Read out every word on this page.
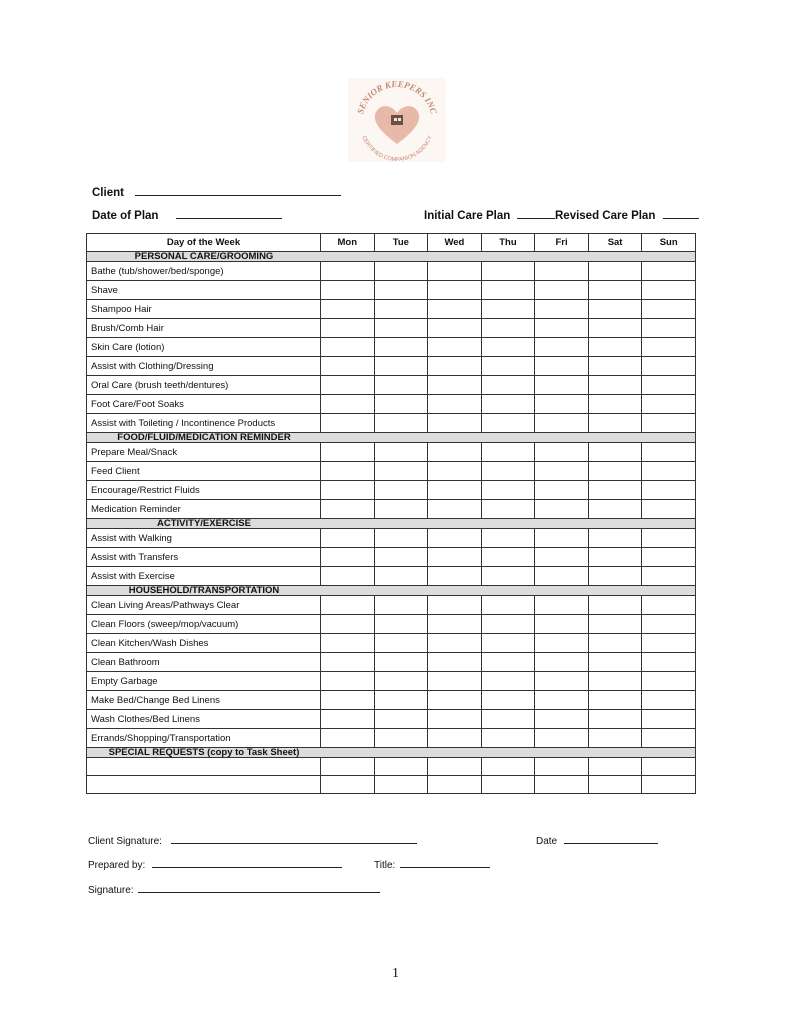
SENIOR KEEPERS INC
CERTIFIED COMPANION AGENCY
Client
Date of Plan	Initial Care Plan	Revised Care Plan
Day of the Week	Mon	Tue	Wed	Thu	Fri	Sat	Sun

PERSONAL CARE/GROOMING							

Bathe (tub/shower/bed/sponge)							
Shave							
Shampoo Hair							
Brush/Comb Hair							
Skin Care (lotion)							
Assist with Clothing/Dressing							
Oral Care (brush teeth/dentures)							
Foot Care/Foot Soaks							
Assist with Toileting / Incontinence Products							

FOOD/FLUID/MEDICATION REMINDER							

Prepare Meal/Snack							
Feed Client							
Encourage/Restrict Fluids							
Medication Reminder							

ACTIVITY/EXERCISE							

Assist with Walking							
Assist with Transfers							
Assist with Exercise							

HOUSEHOLD/TRANSPORTATION							

Clean Living Areas/Pathways Clear							
Clean Floors (sweep/mop/vacuum)							
Clean Kitchen/Wash Dishes							
Clean Bathroom							
Empty Garbage							
Make Bed/Change Bed Linens							
Wash Clothes/Bed Linens							
Errands/Shopping/Transportation							

SPECIAL REQUESTS (copy to Task Sheet)							

Client Signature:	Date
Prepared by:	Title:
Signature:
1
